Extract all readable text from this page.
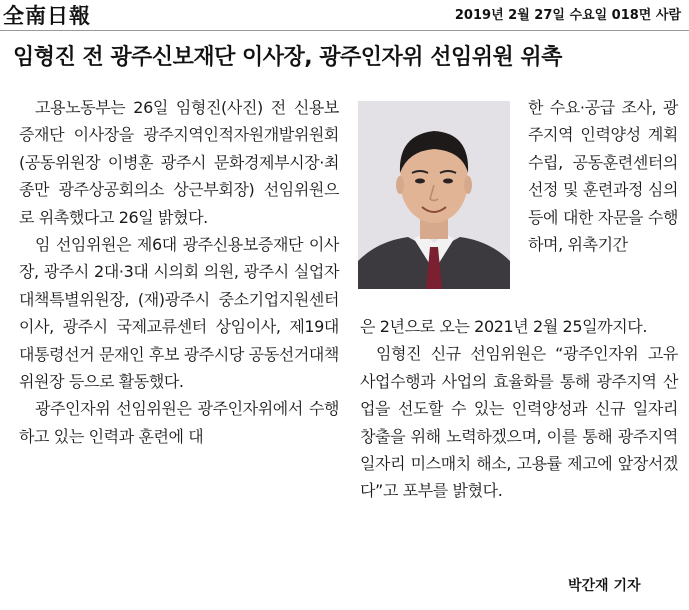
全南日報	2019년 2월 27일 수요일 018면 사람
임형진 전 광주신보재단 이사장, 광주인자위 선임위원 위촉

고용노동부는 26일 임형진(사진) 전 신용보증재단 이사장을 광주지역인적자원개발위원회(공동위원장 이병훈 광주시 문화경제부시장·최종만 광주상공회의소 상근부회장) 선임위원으로 위촉했다고 26일 밝혔다.

임 선임위원은 제6대 광주신용보증재단 이사장, 광주시 2대·3대 시의회 의원, 광주시 실업자대책특별위원장, (재)광주시 중소기업지원센터 이사, 광주시 국제교류센터 상임이사, 제19대 대통령선거 문재인 후보 광주시당 공동선거대책위원장 등으로 활동했다.

광주인자위 선임위원은 광주인자위에서 수행하고 있는 인력과 훈련에 대

한 수요·공급 조사, 광주지역 인력양성 계획 수립, 공동훈련센터의 선정 및 훈련과정 심의 등에 대한 자문을 수행하며, 위촉기간

은 2년으로 오는 2021년 2월 25일까지다.

임형진 신규 선임위원은 “광주인자위 고유 사업수행과 사업의 효율화를 통해 광주지역 산업을 선도할 수 있는 인력양성과 신규 일자리 창출을 위해 노력하겠으며, 이를 통해 광주지역 일자리 미스매치 해소, 고용률 제고에 앞장서겠다”고 포부를 밝혔다.

박간재 기자
